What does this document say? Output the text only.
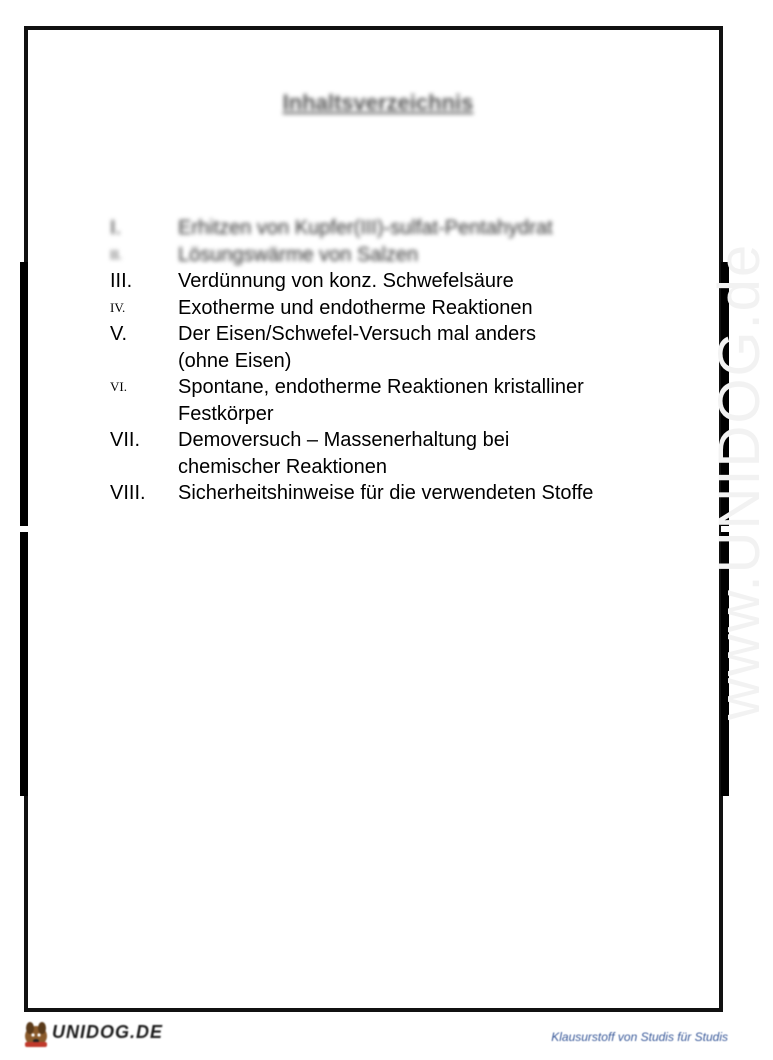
www.UNIDOG.de
Inhaltsverzeichnis
I.	Erhitzen von Kupfer(III)-sulfat-Pentahydrat
II.	Lösungswärme von Salzen
III.	Verdünnung von konz. Schwefelsäure
IV.	Exotherme und endotherme Reaktionen
V.	Der Eisen/Schwefel-Versuch mal anders
(ohne Eisen)
VI.	Spontane, endotherme Reaktionen kristalliner
Festkörper
VII.	Demoversuch – Massenerhaltung bei
chemischer Reaktionen
VIII.	Sicherheitshinweise für die verwendeten Stoffe
UNIDOG.DE	Klausurstoff von Studis für Studis
